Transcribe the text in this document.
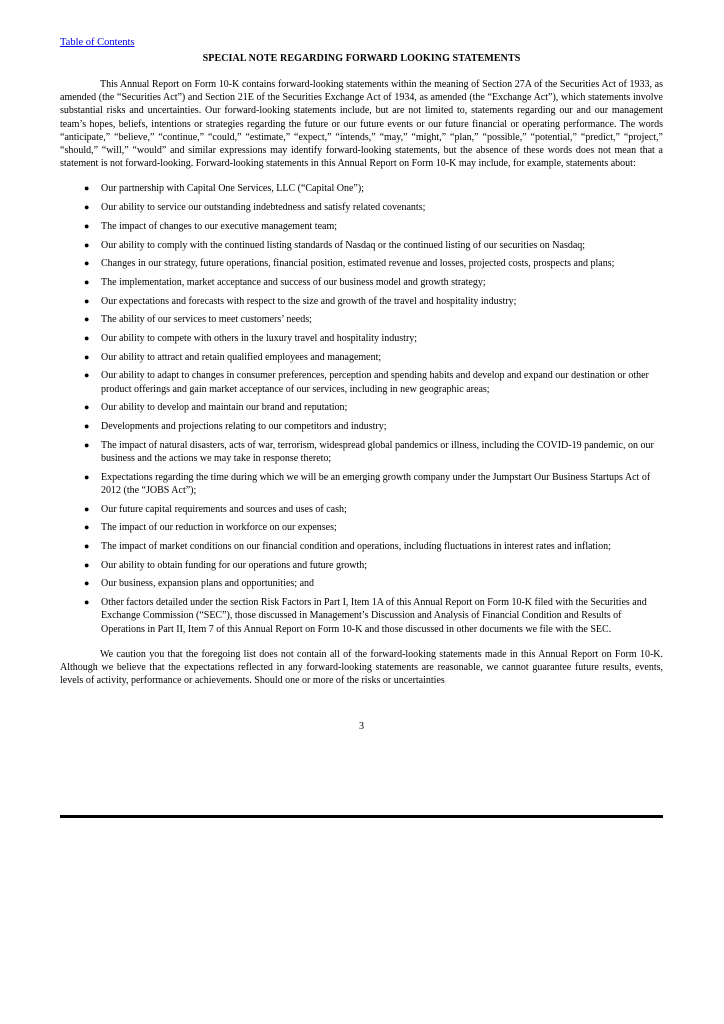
Table of Contents
SPECIAL NOTE REGARDING FORWARD LOOKING STATEMENTS

This Annual Report on Form 10-K contains forward-looking statements within the meaning of Section 27A of the Securities Act of 1933, as amended (the “Securities Act”) and Section 21E of the Securities Exchange Act of 1934, as amended (the “Exchange Act”), which statements involve substantial risks and uncertainties. Our forward-looking statements include, but are not limited to, statements regarding our and our management team’s hopes, beliefs, intentions or strategies regarding the future or our future events or our future financial or operating performance. The words “anticipate,” “believe,” “continue,” “could,” “estimate,” “expect,” “intends,” “may,” “might,” “plan,” “possible,” “potential,” “predict,” “project,” “should,” “will,” “would” and similar expressions may identify forward-looking statements, but the absence of these words does not mean that a statement is not forward-looking. Forward-looking statements in this Annual Report on Form 10-K may include, for example, statements about:

●	Our partnership with Capital One Services, LLC (“Capital One”);
●	Our ability to service our outstanding indebtedness and satisfy related covenants;
●	The impact of changes to our executive management team;
●	Our ability to comply with the continued listing standards of Nasdaq or the continued listing of our securities on Nasdaq;
●	Changes in our strategy, future operations, financial position, estimated revenue and losses, projected costs, prospects and plans;
●	The implementation, market acceptance and success of our business model and growth strategy;
●	Our expectations and forecasts with respect to the size and growth of the travel and hospitality industry;
●	The ability of our services to meet customers’ needs;
●	Our ability to compete with others in the luxury travel and hospitality industry;
●	Our ability to attract and retain qualified employees and management;
●	Our ability to adapt to changes in consumer preferences, perception and spending habits and develop and expand our destination or other product offerings and gain market acceptance of our services, including in new geographic areas;
●	Our ability to develop and maintain our brand and reputation;
●	Developments and projections relating to our competitors and industry;
●	The impact of natural disasters, acts of war, terrorism, widespread global pandemics or illness, including the COVID-19 pandemic, on our business and the actions we may take in response thereto;
●	Expectations regarding the time during which we will be an emerging growth company under the Jumpstart Our Business Startups Act of 2012 (the “JOBS Act”);
●	Our future capital requirements and sources and uses of cash;
●	The impact of our reduction in workforce on our expenses;
●	The impact of market conditions on our financial condition and operations, including fluctuations in interest rates and inflation;
●	Our ability to obtain funding for our operations and future growth;
●	Our business, expansion plans and opportunities; and
●	Other factors detailed under the section Risk Factors in Part I, Item 1A of this Annual Report on Form 10-K filed with the Securities and Exchange Commission (“SEC”), those discussed in Management’s Discussion and Analysis of Financial Condition and Results of Operations in Part II, Item 7 of this Annual Report on Form 10-K and those discussed in other documents we file with the SEC.

We caution you that the foregoing list does not contain all of the forward-looking statements made in this Annual Report on Form 10-K. Although we believe that the expectations reflected in any forward-looking statements are reasonable, we cannot guarantee future results, events, levels of activity, performance or achievements. Should one or more of the risks or uncertainties

3
